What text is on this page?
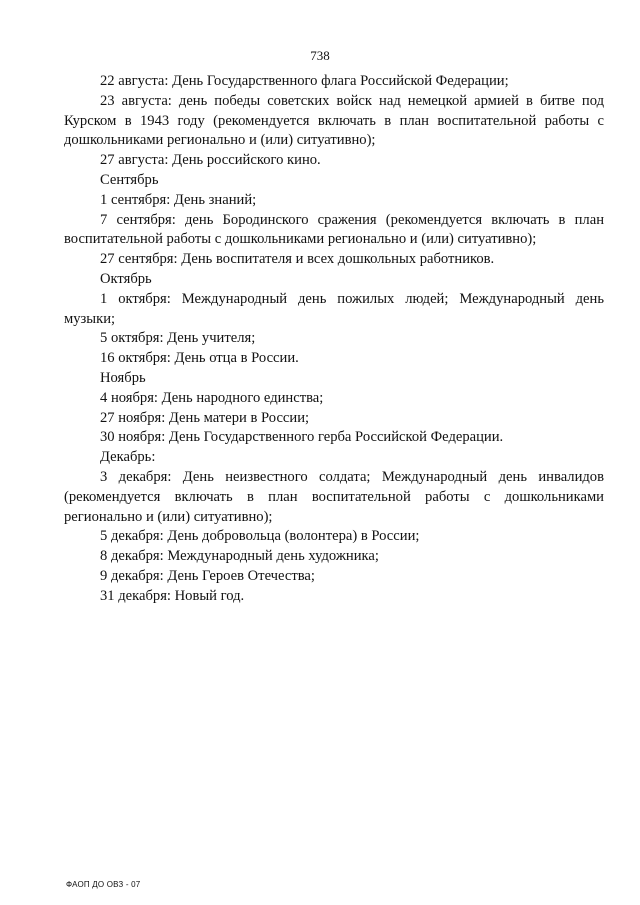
738

22 августа: День Государственного флага Российской Федерации;

23 августа: день победы советских войск над немецкой армией в битве под Курском в 1943 году (рекомендуется включать в план воспитательной работы с дошкольниками регионально и (или) ситуативно);

27 августа: День российского кино.

Сентябрь

1 сентября: День знаний;

7 сентября: день Бородинского сражения (рекомендуется включать в план воспитательной работы с дошкольниками регионально и (или) ситуативно);

27 сентября: День воспитателя и всех дошкольных работников.

Октябрь

1 октября: Международный день пожилых людей; Международный день музыки;

5 октября: День учителя;

16 октября: День отца в России.

Ноябрь

4 ноября: День народного единства;

27 ноября: День матери в России;

30 ноября: День Государственного герба Российской Федерации.

Декабрь:

3 декабря: День неизвестного солдата; Международный день инвалидов (рекомендуется включать в план воспитательной работы с дошкольниками регионально и (или) ситуативно);

5 декабря: День добровольца (волонтера) в России;

8 декабря: Международный день художника;

9 декабря: День Героев Отечества;

31 декабря: Новый год.

ФАОП ДО ОВЗ - 07
